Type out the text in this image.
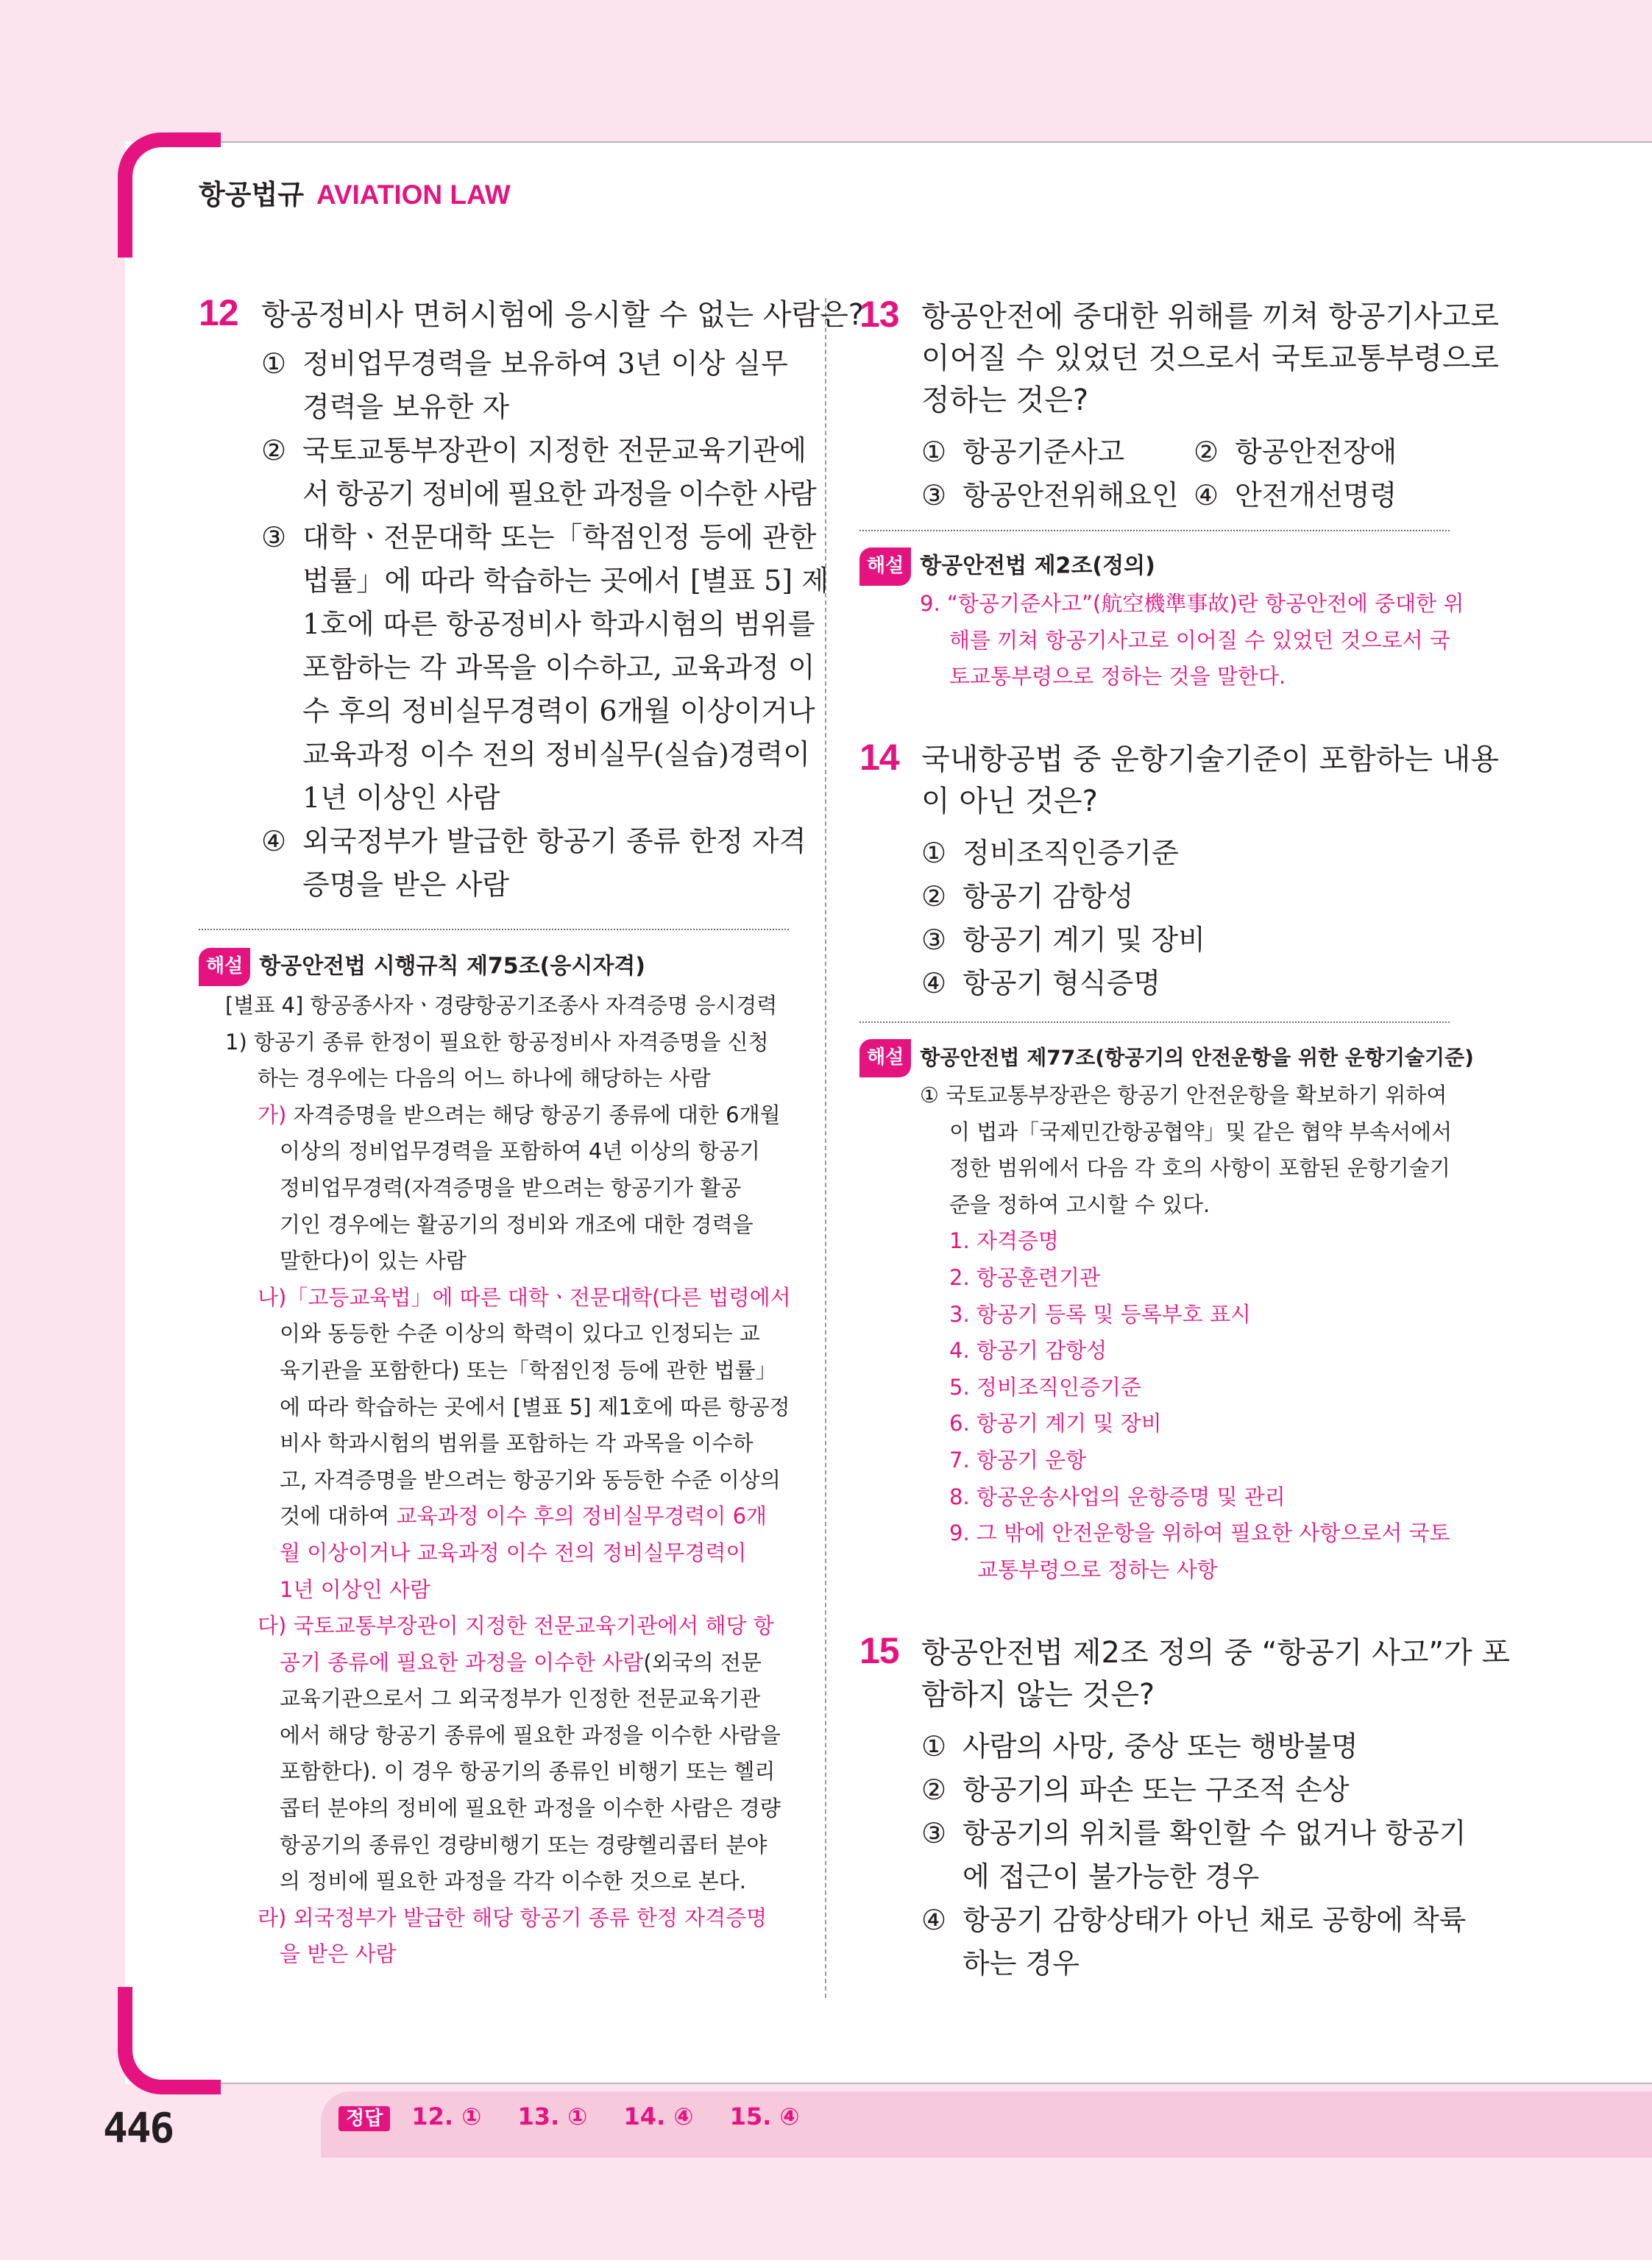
항공법규 AVIATION LAW
12 항공정비사 면허시험에 응시할 수 없는 사람은?
① 정비업무경력을 보유하여 3년 이상 실무
경력을 보유한 자
② 국토교통부장관이 지정한 전문교육기관에
서 항공기 정비에 필요한 과정을 이수한 사람
③ 대학ㆍ전문대학 또는「학점인정 등에 관한
법률」에 따라 학습하는 곳에서 [별표 5] 제
1호에 따른 항공정비사 학과시험의 범위를
포함하는 각 과목을 이수하고, 교육과정 이
수 후의 정비실무경력이 6개월 이상이거나
교육과정 이수 전의 정비실무(실습)경력이
1년 이상인 사람
④ 외국정부가 발급한 항공기 종류 한정 자격
증명을 받은 사람
해설 항공안전법 시행규칙 제75조(응시자격)
[별표 4] 항공종사자ㆍ경량항공기조종사 자격증명 응시경력
1) 항공기 종류 한정이 필요한 항공정비사 자격증명을 신청
하는 경우에는 다음의 어느 하나에 해당하는 사람
가) 자격증명을 받으려는 해당 항공기 종류에 대한 6개월
이상의 정비업무경력을 포함하여 4년 이상의 항공기
정비업무경력(자격증명을 받으려는 항공기가 활공
기인 경우에는 활공기의 정비와 개조에 대한 경력을
말한다)이 있는 사람
나)「고등교육법」에 따른 대학ㆍ전문대학(다른 법령에서
이와 동등한 수준 이상의 학력이 있다고 인정되는 교
육기관을 포함한다) 또는「학점인정 등에 관한 법률」
에 따라 학습하는 곳에서 [별표 5] 제1호에 따른 항공정
비사 학과시험의 범위를 포함하는 각 과목을 이수하
고, 자격증명을 받으려는 항공기와 동등한 수준 이상의
것에 대하여 교육과정 이수 후의 정비실무경력이 6개
월 이상이거나 교육과정 이수 전의 정비실무경력이
1년 이상인 사람
다) 국토교통부장관이 지정한 전문교육기관에서 해당 항
공기 종류에 필요한 과정을 이수한 사람(외국의 전문
교육기관으로서 그 외국정부가 인정한 전문교육기관
에서 해당 항공기 종류에 필요한 과정을 이수한 사람을
포함한다). 이 경우 항공기의 종류인 비행기 또는 헬리
콥터 분야의 정비에 필요한 과정을 이수한 사람은 경량
항공기의 종류인 경량비행기 또는 경량헬리콥터 분야
의 정비에 필요한 과정을 각각 이수한 것으로 본다.
라) 외국정부가 발급한 해당 항공기 종류 한정 자격증명
을 받은 사람
13 항공안전에 중대한 위해를 끼쳐 항공기사고로
이어질 수 있었던 것으로서 국토교통부령으로
정하는 것은?
① 항공기준사고	② 항공안전장애
③ 항공안전위해요인 ④ 안전개선명령
해설 항공안전법 제2조(정의)
9. “항공기준사고”(航空機準事故)란 항공안전에 중대한 위
해를 끼쳐 항공기사고로 이어질 수 있었던 것으로서 국
토교통부령으로 정하는 것을 말한다.
14 국내항공법 중 운항기술기준이 포함하는 내용
이 아닌 것은?
① 정비조직인증기준
② 항공기 감항성
③ 항공기 계기 및 장비
④ 항공기 형식증명
해설 항공안전법 제77조(항공기의 안전운항을 위한 운항기술기준)
① 국토교통부장관은 항공기 안전운항을 확보하기 위하여
이 법과「국제민간항공협약」및 같은 협약 부속서에서
정한 범위에서 다음 각 호의 사항이 포함된 운항기술기
준을 정하여 고시할 수 있다.
1. 자격증명
2. 항공훈련기관
3. 항공기 등록 및 등록부호 표시
4. 항공기 감항성
5. 정비조직인증기준
6. 항공기 계기 및 장비
7. 항공기 운항
8. 항공운송사업의 운항증명 및 관리
9. 그 밖에 안전운항을 위하여 필요한 사항으로서 국토
교통부령으로 정하는 사항
15 항공안전법 제2조 정의 중 “항공기 사고”가 포
함하지 않는 것은?
① 사람의 사망, 중상 또는 행방불명
② 항공기의 파손 또는 구조적 손상
③ 항공기의 위치를 확인할 수 없거나 항공기
에 접근이 불가능한 경우
④ 항공기 감항상태가 아닌 채로 공항에 착륙
하는 경우
446	정답 12. ① 13. ① 14. ④ 15. ④
